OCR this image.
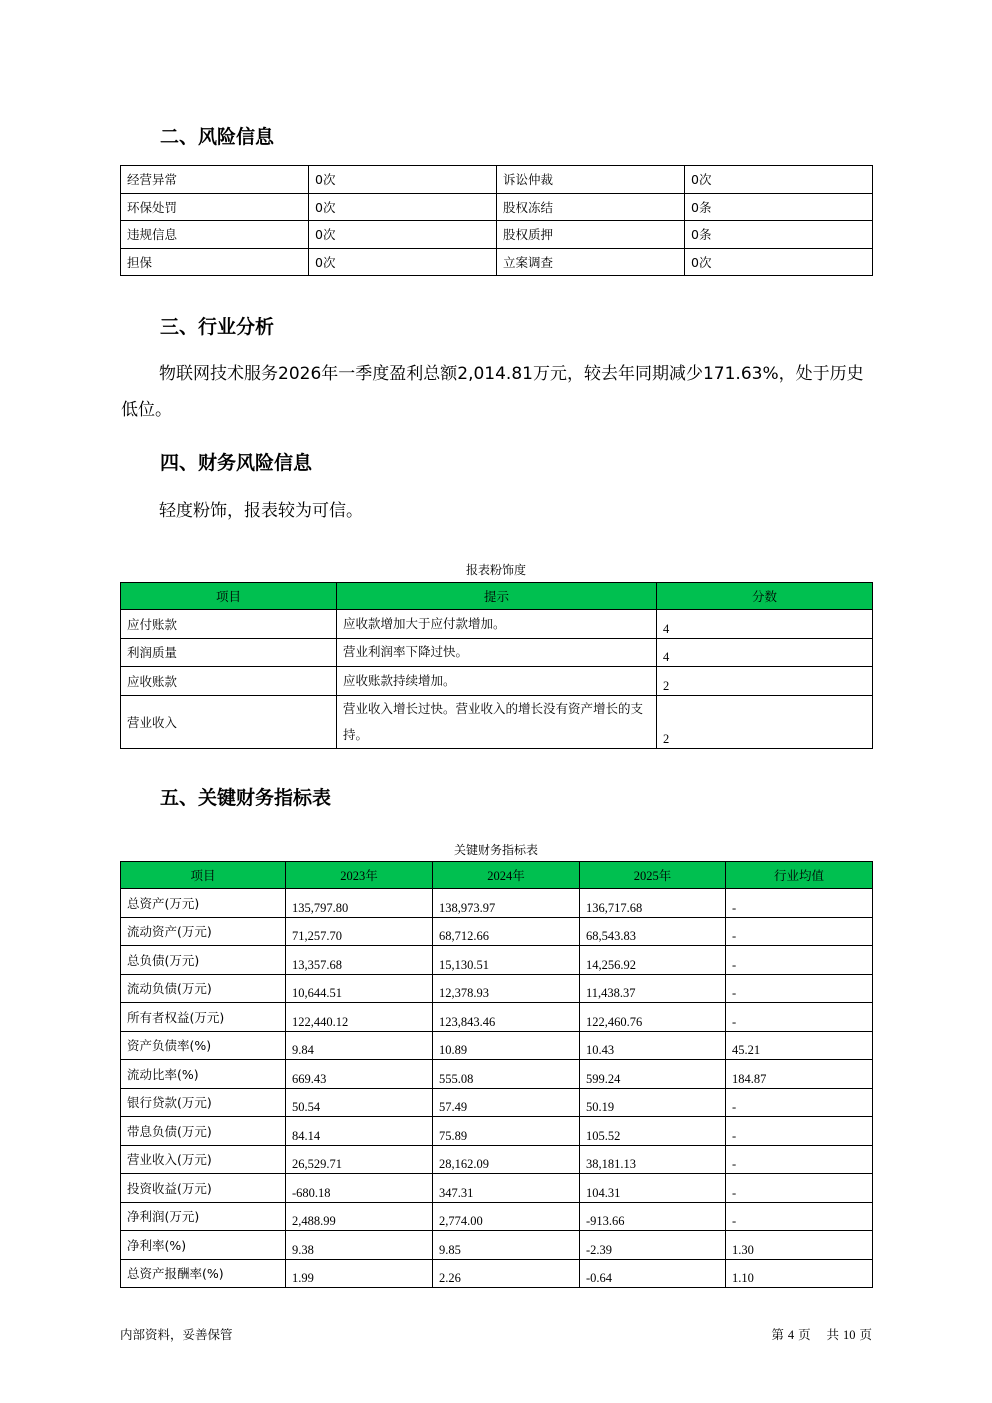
二、风险信息
经营异常	0次	诉讼仲裁	0次
环保处罚	0次	股权冻结	0条
违规信息	0次	股权质押	0条
担保	0次	立案调查	0次
三、行业分析

物联网技术服务2026年一季度盈利总额2,014.81万元，较去年同期减少171.63%，处于历史低位。

四、财务风险信息

轻度粉饰，报表较为可信。

报表粉饰度
项目	提示	分数
应付账款	应收款增加大于应付款增加。	4
利润质量	营业利润率下降过快。	4
应收账款	应收账款持续增加。	2
营业收入	营业收入增长过快。营业收入的增长没有资产增长的支持。	2
五、关键财务指标表
关键财务指标表
项目	2023年	2024年	2025年	行业均值
总资产(万元)	135,797.80	138,973.97	136,717.68	-
流动资产(万元)	71,257.70	68,712.66	68,543.83	-
总负债(万元)	13,357.68	15,130.51	14,256.92	-
流动负债(万元)	10,644.51	12,378.93	11,438.37	-
所有者权益(万元)	122,440.12	123,843.46	122,460.76	-
资产负债率(%)	9.84	10.89	10.43	45.21
流动比率(%)	669.43	555.08	599.24	184.87
银行贷款(万元)	50.54	57.49	50.19	-
带息负债(万元)	84.14	75.89	105.52	-
营业收入(万元)	26,529.71	28,162.09	38,181.13	-
投资收益(万元)	-680.18	347.31	104.31	-
净利润(万元)	2,488.99	2,774.00	-913.66	-
净利率(%)	9.38	9.85	-2.39	1.30
总资产报酬率(%)	1.99	2.26	-0.64	1.10
内部资料，妥善保管	第 4 页 共 10 页
